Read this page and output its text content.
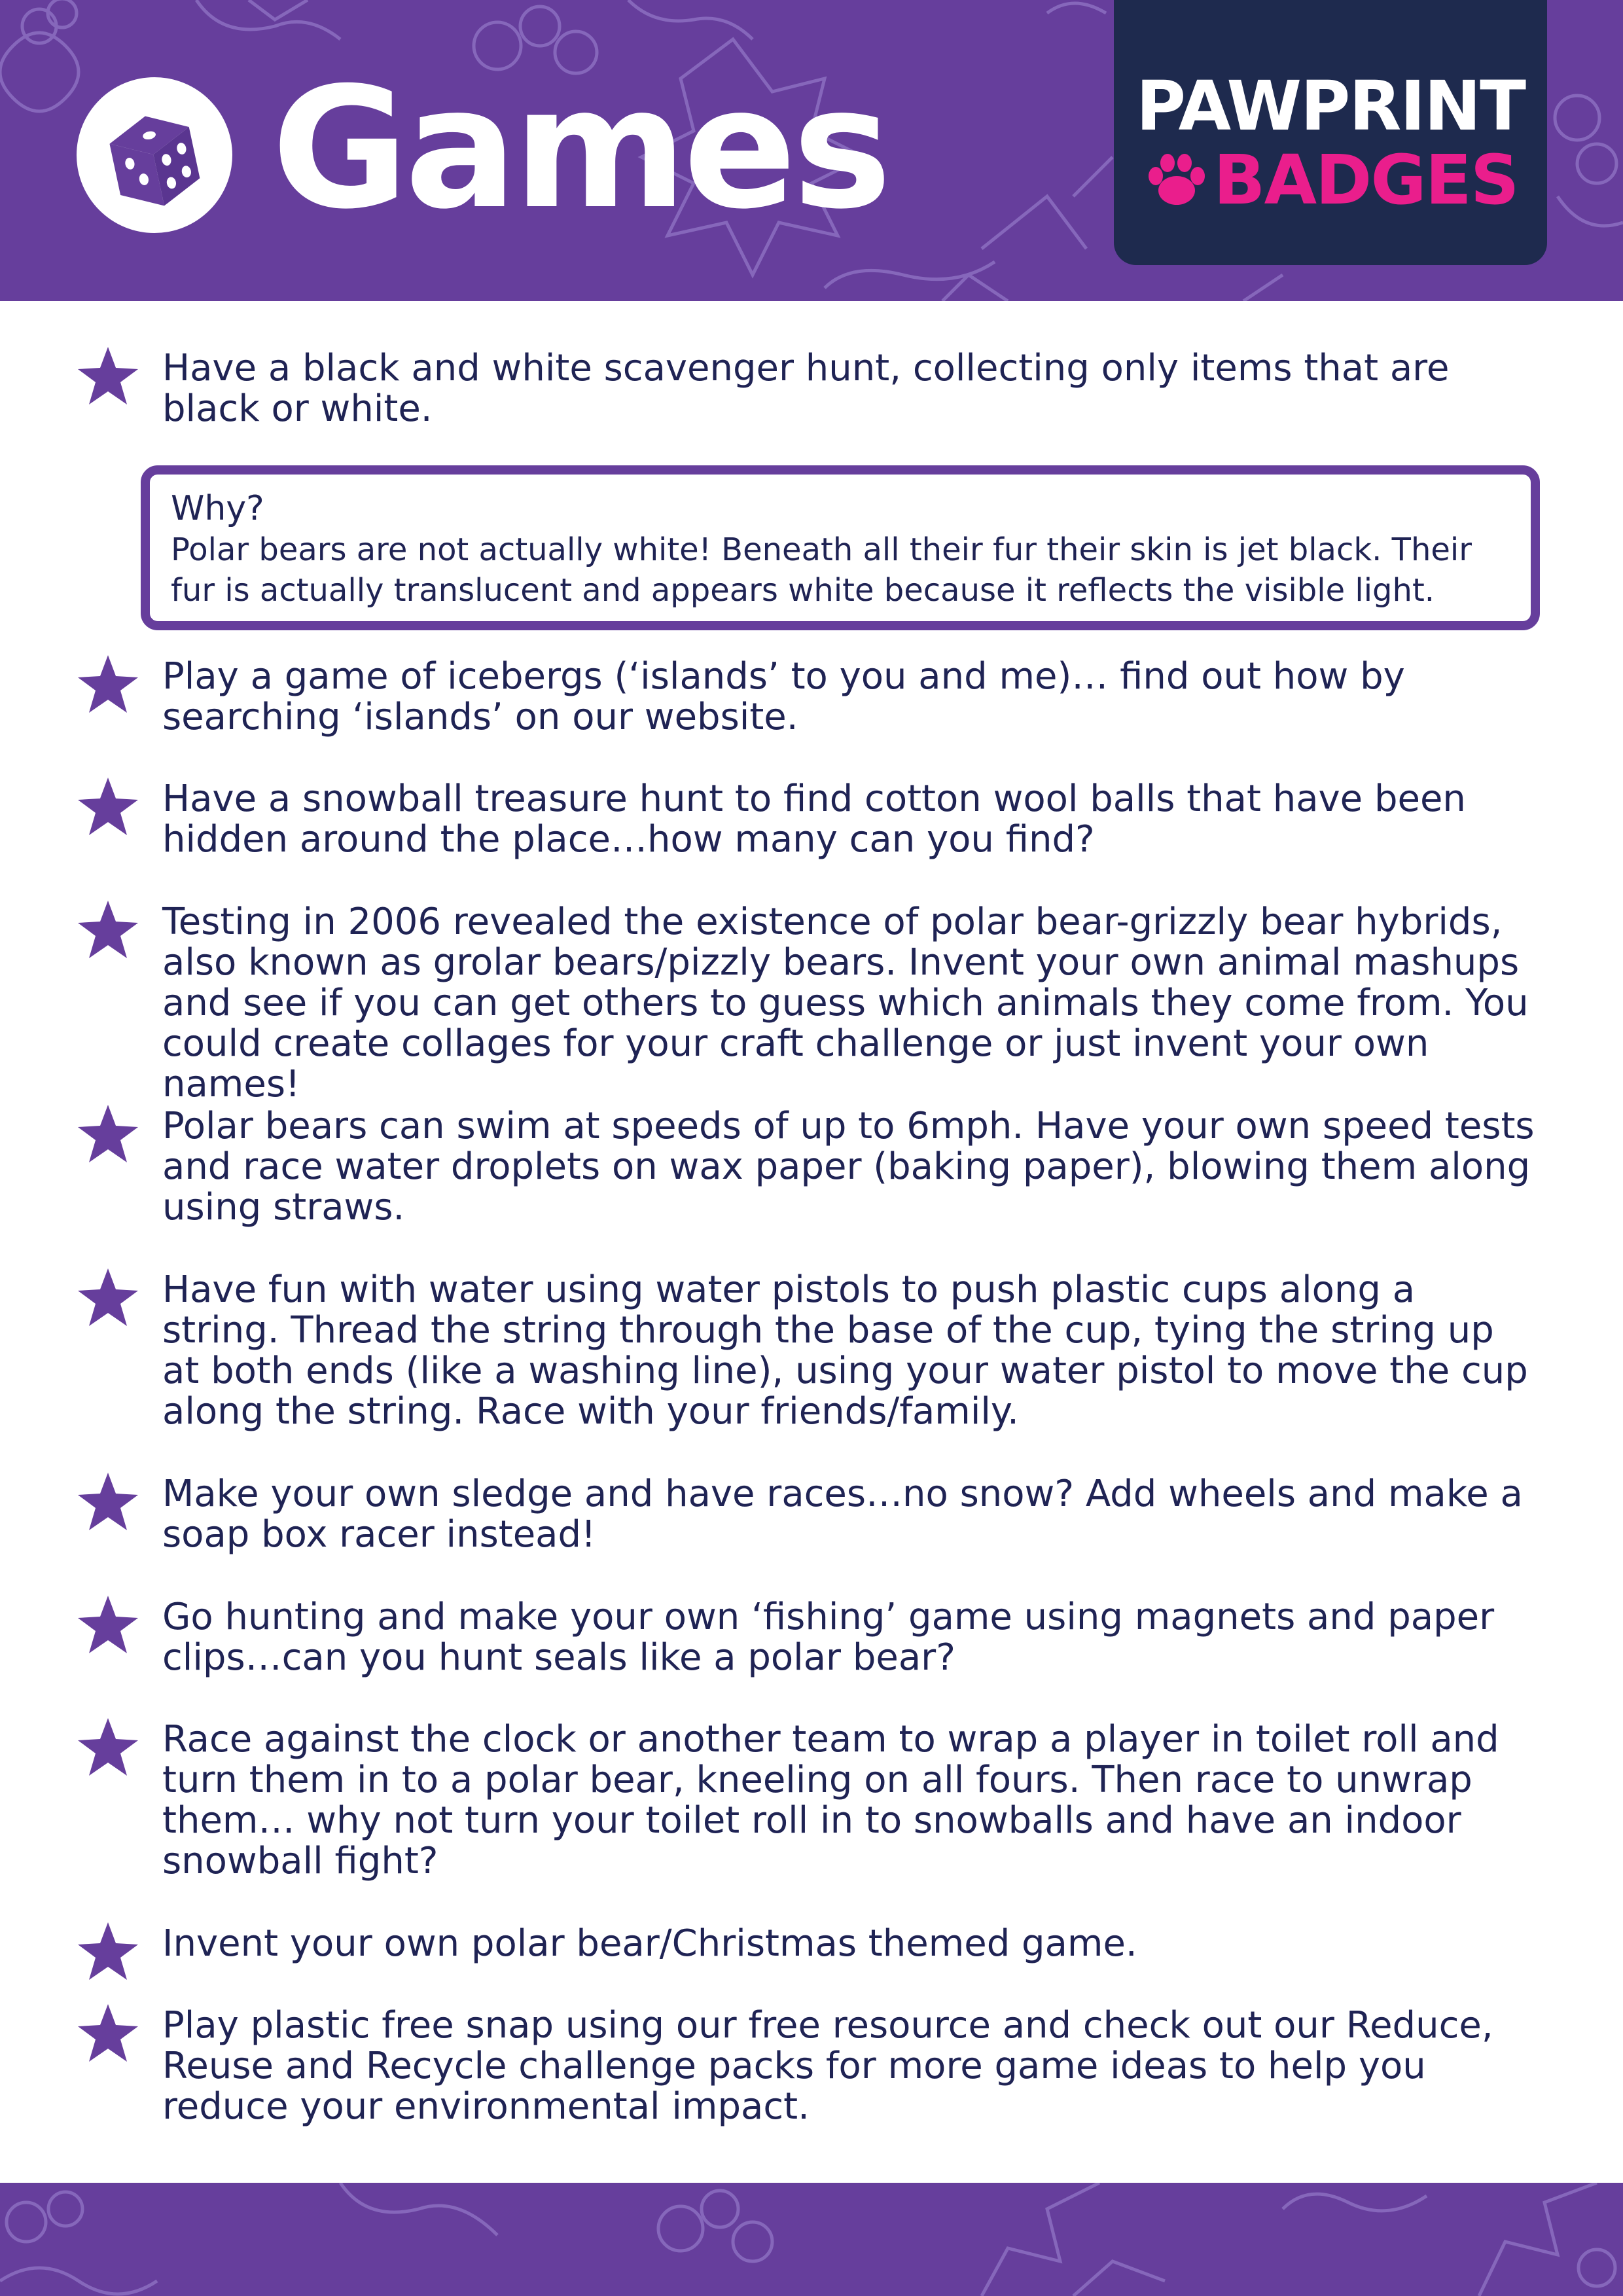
Games	PAWPRINT
BADGES

Have a black and white scavenger hunt, collecting only items that are black or white.

Why?
Polar bears are not actually white! Beneath all their fur their skin is jet black. Their fur is actually translucent and appears white because it reflects the visible light.

Play a game of icebergs (‘islands’ to you and me)… find out how by searching ‘islands’ on our website.

Have a snowball treasure hunt to find cotton wool balls that have been hidden around the place…how many can you find?

Testing in 2006 revealed the existence of polar bear-grizzly bear hybrids, also known as grolar bears/pizzly bears. Invent your own animal mashups and see if you can get others to guess which animals they come from. You could create collages for your craft challenge or just invent your own names!

Polar bears can swim at speeds of up to 6mph. Have your own speed tests and race water droplets on wax paper (baking paper), blowing them along using straws.

Have fun with water using water pistols to push plastic cups along a string. Thread the string through the base of the cup, tying the string up at both ends (like a washing line), using your water pistol to move the cup along the string. Race with your friends/family.

Make your own sledge and have races…no snow? Add wheels and make a soap box racer instead!

Go hunting and make your own ‘fishing’ game using magnets and paper clips…can you hunt seals like a polar bear?

Race against the clock or another team to wrap a player in toilet roll and turn them in to a polar bear, kneeling on all fours. Then race to unwrap them… why not turn your toilet roll in to snowballs and have an indoor snowball fight?

Invent your own polar bear/Christmas themed game.

Play plastic free snap using our free resource and check out our Reduce, Reuse and Recycle challenge packs for more game ideas to help you reduce your environmental impact.
